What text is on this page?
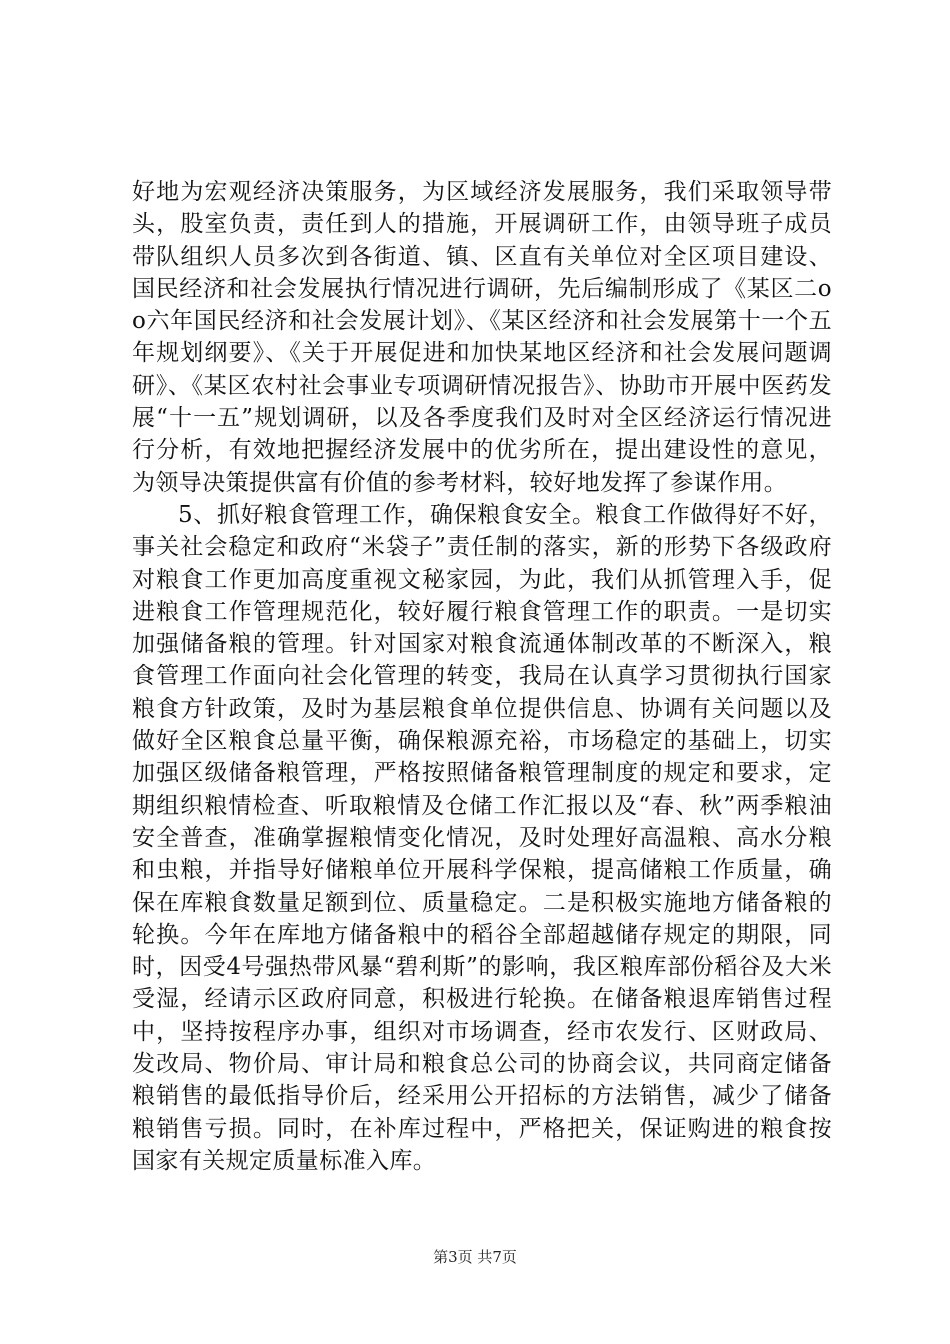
好地为宏观经济决策服务，为区域经济发展服务，我们采取领导带头，股室负责，责任到人的措施，开展调研工作，由领导班子成员带队组织人员多次到各街道、镇、区直有关单位对全区项目建设、国民经济和社会发展执行情况进行调研，先后编制形成了《某区二oo六年国民经济和社会发展计划》、《某区经济和社会发展第十一个五年规划纲要》、《关于开展促进和加快某地区经济和社会发展问题调研》、《某区农村社会事业专项调研情况报告》、协助市开展中医药发展“十一五”规划调研，以及各季度我们及时对全区经济运行情况进行分析，有效地把握经济发展中的优劣所在，提出建设性的意见，为领导决策提供富有价值的参考材料，较好地发挥了参谋作用。

5、抓好粮食管理工作，确保粮食安全。粮食工作做得好不好，事关社会稳定和政府“米袋子”责任制的落实，新的形势下各级政府对粮食工作更加高度重视文秘家园，为此，我们从抓管理入手，促进粮食工作管理规范化，较好履行粮食管理工作的职责。一是切实加强储备粮的管理。针对国家对粮食流通体制改革的不断深入，粮食管理工作面向社会化管理的转变，我局在认真学习贯彻执行国家粮食方针政策，及时为基层粮食单位提供信息、协调有关问题以及做好全区粮食总量平衡，确保粮源充裕，市场稳定的基础上，切实加强区级储备粮管理，严格按照储备粮管理制度的规定和要求，定期组织粮情检查、听取粮情及仓储工作汇报以及“春、秋”两季粮油安全普查，准确掌握粮情变化情况，及时处理好高温粮、高水分粮和虫粮，并指导好储粮单位开展科学保粮，提高储粮工作质量，确保在库粮食数量足额到位、质量稳定。二是积极实施地方储备粮的轮换。今年在库地方储备粮中的稻谷全部超越储存规定的期限，同时，因受4号强热带风暴“碧利斯”的影响，我区粮库部份稻谷及大米受湿，经请示区政府同意，积极进行轮换。在储备粮退库销售过程中，坚持按程序办事，组织对市场调查，经市农发行、区财政局、发改局、物价局、审计局和粮食总公司的协商会议，共同商定储备粮销售的最低指导价后，经采用公开招标的方法销售，减少了储备粮销售亏损。同时，在补库过程中，严格把关，保证购进的粮食按国家有关规定质量标准入库。

第3页 共7页
